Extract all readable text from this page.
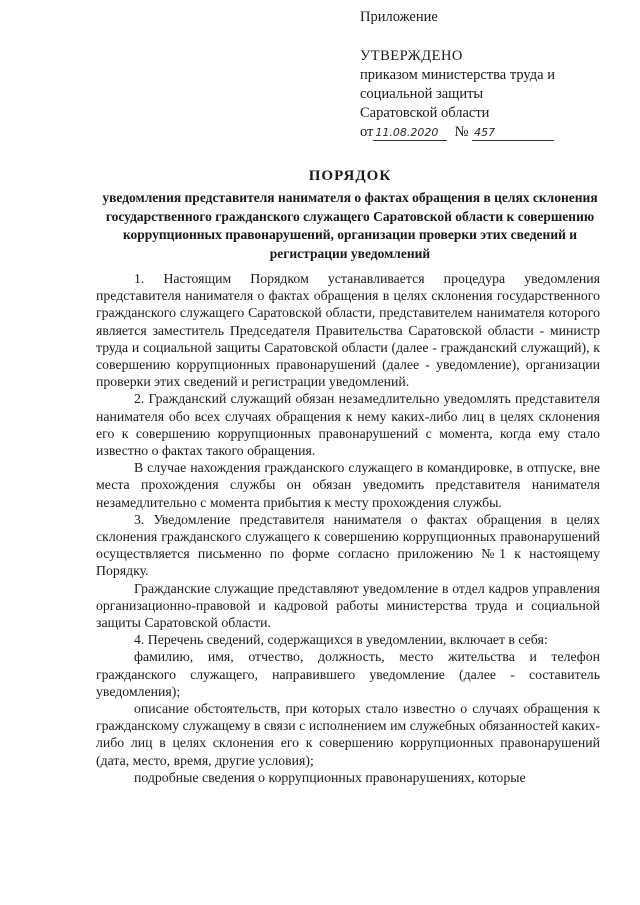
Приложение
УТВЕРЖДЕНО
приказом министерства труда и
социальной защиты
Саратовской области
от 11.08.2020 № 457
ПОРЯДОК
уведомления представителя нанимателя о фактах обращения в целях склонения государственного гражданского служащего Саратовской области к совершению коррупционных правонарушений, организации проверки этих сведений и регистрации уведомлений

1. Настоящим Порядком устанавливается процедура уведомления представителя нанимателя о фактах обращения в целях склонения государственного гражданского служащего Саратовской области, представителем нанимателя которого является заместитель Председателя Правительства Саратовской области - министр труда и социальной защиты Саратовской области (далее - гражданский служащий), к совершению коррупционных правонарушений (далее - уведомление), организации проверки этих сведений и регистрации уведомлений.

2. Гражданский служащий обязан незамедлительно уведомлять представителя нанимателя обо всех случаях обращения к нему каких-либо лиц в целях склонения его к совершению коррупционных правонарушений с момента, когда ему стало известно о фактах такого обращения.

В случае нахождения гражданского служащего в командировке, в отпуске, вне места прохождения службы он обязан уведомить представителя нанимателя незамедлительно с момента прибытия к месту прохождения службы.

3. Уведомление представителя нанимателя о фактах обращения в целях склонения гражданского служащего к совершению коррупционных правонарушений осуществляется письменно по форме согласно приложению №1 к настоящему Порядку.

Гражданские служащие представляют уведомление в отдел кадров управления организационно-правовой и кадровой работы министерства труда и социальной защиты Саратовской области.

4. Перечень сведений, содержащихся в уведомлении, включает в себя:

фамилию, имя, отчество, должность, место жительства и телефон гражданского служащего, направившего уведомление (далее - составитель уведомления);

описание обстоятельств, при которых стало известно о случаях обращения к гражданскому служащему в связи с исполнением им служебных обязанностей каких-либо лиц в целях склонения его к совершению коррупционных правонарушений (дата, место, время, другие условия);

подробные сведения о коррупционных правонарушениях, которые
